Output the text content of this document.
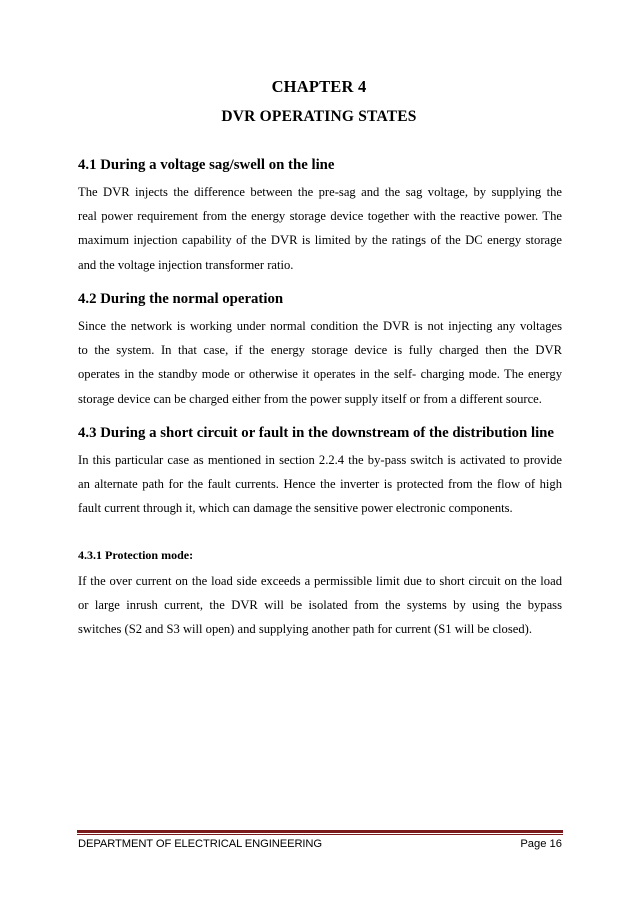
CHAPTER 4
DVR OPERATING STATES
4.1 During a voltage sag/swell on the line

The DVR injects the difference between the pre-sag and the sag voltage, by supplying the
real power requirement from the energy storage device together with the reactive power. The
maximum injection capability of the DVR is limited by the ratings of the DC energy storage
and the voltage injection transformer ratio.

4.2 During the normal operation

Since the network is working under normal condition the DVR is not injecting any voltages
to the system. In that case, if the energy storage device is fully charged then the DVR
operates in the standby mode or otherwise it operates in the self- charging mode. The energy
storage device can be charged either from the power supply itself or from a different source.

4.3 During a short circuit or fault in the downstream of the distribution line

In this particular case as mentioned in section 2.2.4 the by-pass switch is activated to provide
an alternate path for the fault currents. Hence the inverter is protected from the flow of high
fault current through it, which can damage the sensitive power electronic components.

4.3.1 Protection mode:

If the over current on the load side exceeds a permissible limit due to short circuit on the load
or large inrush current, the DVR will be isolated from the systems by using the bypass
switches (S2 and S3 will open) and supplying another path for current (S1 will be closed).

DEPARTMENT OF ELECTRICAL ENGINEERING	Page 16
